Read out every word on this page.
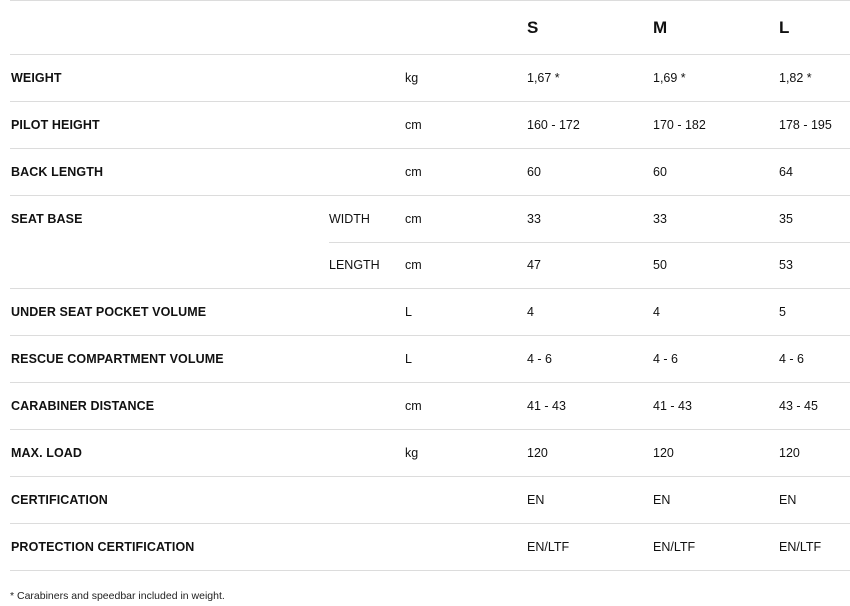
S	M	L
WEIGHT	kg	1,67 *	1,69 *	1,82 *
PILOT HEIGHT	cm	160 - 172	170 - 182	178 - 195
BACK LENGTH	cm	60	60	64
SEAT BASE	WIDTH	cm	33	33	35
LENGTH cm	47	50	53
UNDER SEAT POCKET VOLUME	L	4	4	5
RESCUE COMPARTMENT VOLUME	L	4 - 6	4 - 6	4 - 6
CARABINER DISTANCE	cm	41 - 43	41 - 43	43 - 45
MAX. LOAD	kg	120	120	120
CERTIFICATION	EN	EN	EN
PROTECTION CERTIFICATION	EN/LTF	EN/LTF	EN/LTF
* Carabiners and speedbar included in weight.
